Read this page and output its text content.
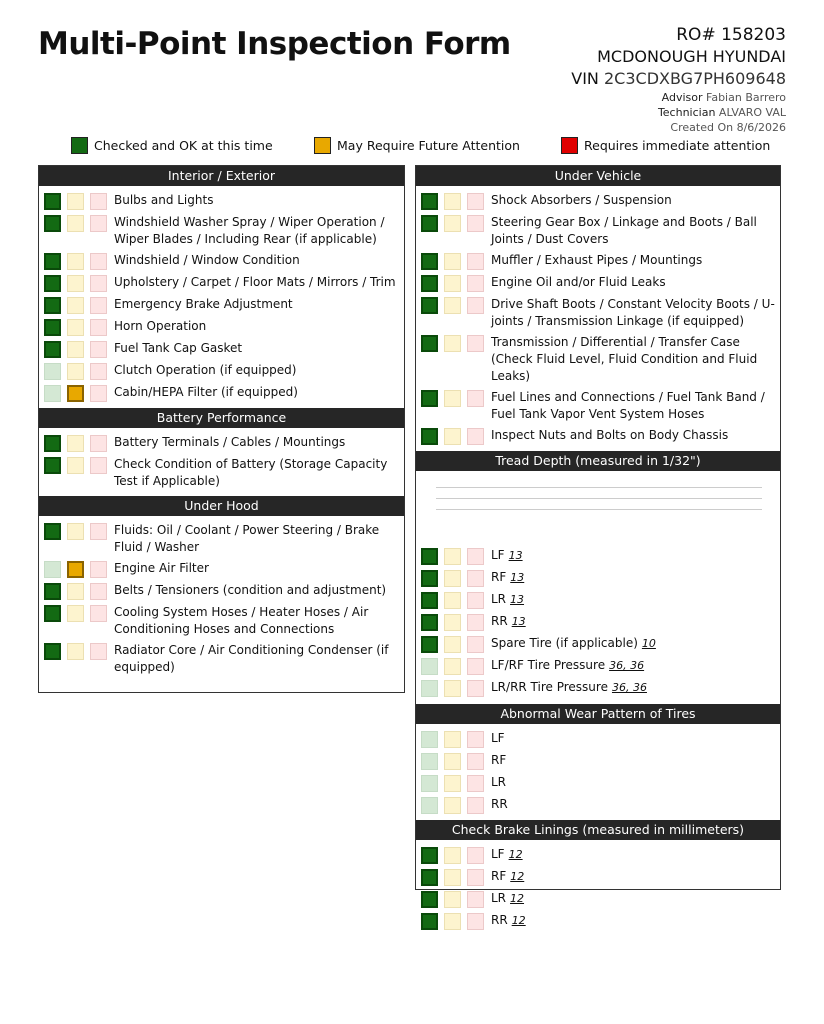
Multi-Point Inspection Form	RO# 158203
MCDONOUGH HYUNDAI
VIN 2C3CDXBG7PH609648
Advisor Fabian Barrero
Technician ALVARO VAL
Created On 8/6/2026
Checked and OK at this time	May Require Future Attention	Requires immediate attention
Interior / Exterior
Bulbs and Lights
Windshield Washer Spray / Wiper Operation / Wiper Blades / Including Rear (if applicable)
Windshield / Window Condition
Upholstery / Carpet / Floor Mats / Mirrors / Trim
Emergency Brake Adjustment
Horn Operation
Fuel Tank Cap Gasket
Clutch Operation (if equipped)
Cabin/HEPA Filter (if equipped)
Battery Performance
Battery Terminals / Cables / Mountings
Check Condition of Battery (Storage Capacity Test if Applicable)
Under Hood
Fluids: Oil / Coolant / Power Steering / Brake Fluid / Washer
Engine Air Filter
Belts / Tensioners (condition and adjustment)
Cooling System Hoses / Heater Hoses / Air Conditioning Hoses and Connections
Radiator Core / Air Conditioning Condenser (if equipped)
Under Vehicle
Shock Absorbers / Suspension
Steering Gear Box / Linkage and Boots / Ball Joints / Dust Covers
Muffler / Exhaust Pipes / Mountings
Engine Oil and/or Fluid Leaks
Drive Shaft Boots / Constant Velocity Boots / U-joints / Transmission Linkage (if equipped)
Transmission / Differential / Transfer Case (Check Fluid Level, Fluid Condition and Fluid Leaks)
Fuel Lines and Connections / Fuel Tank Band / Fuel Tank Vapor Vent System Hoses
Inspect Nuts and Bolts on Body Chassis
Tread Depth (measured in 1/32")
LF 13
RF 13
LR 13
RR 13
Spare Tire (if applicable) 10
LF/RF Tire Pressure 36, 36
LR/RR Tire Pressure 36, 36
Abnormal Wear Pattern of Tires
LF
RF
LR
RR
Check Brake Linings (measured in millimeters)
LF 12
RF 12
LR 12
RR 12
